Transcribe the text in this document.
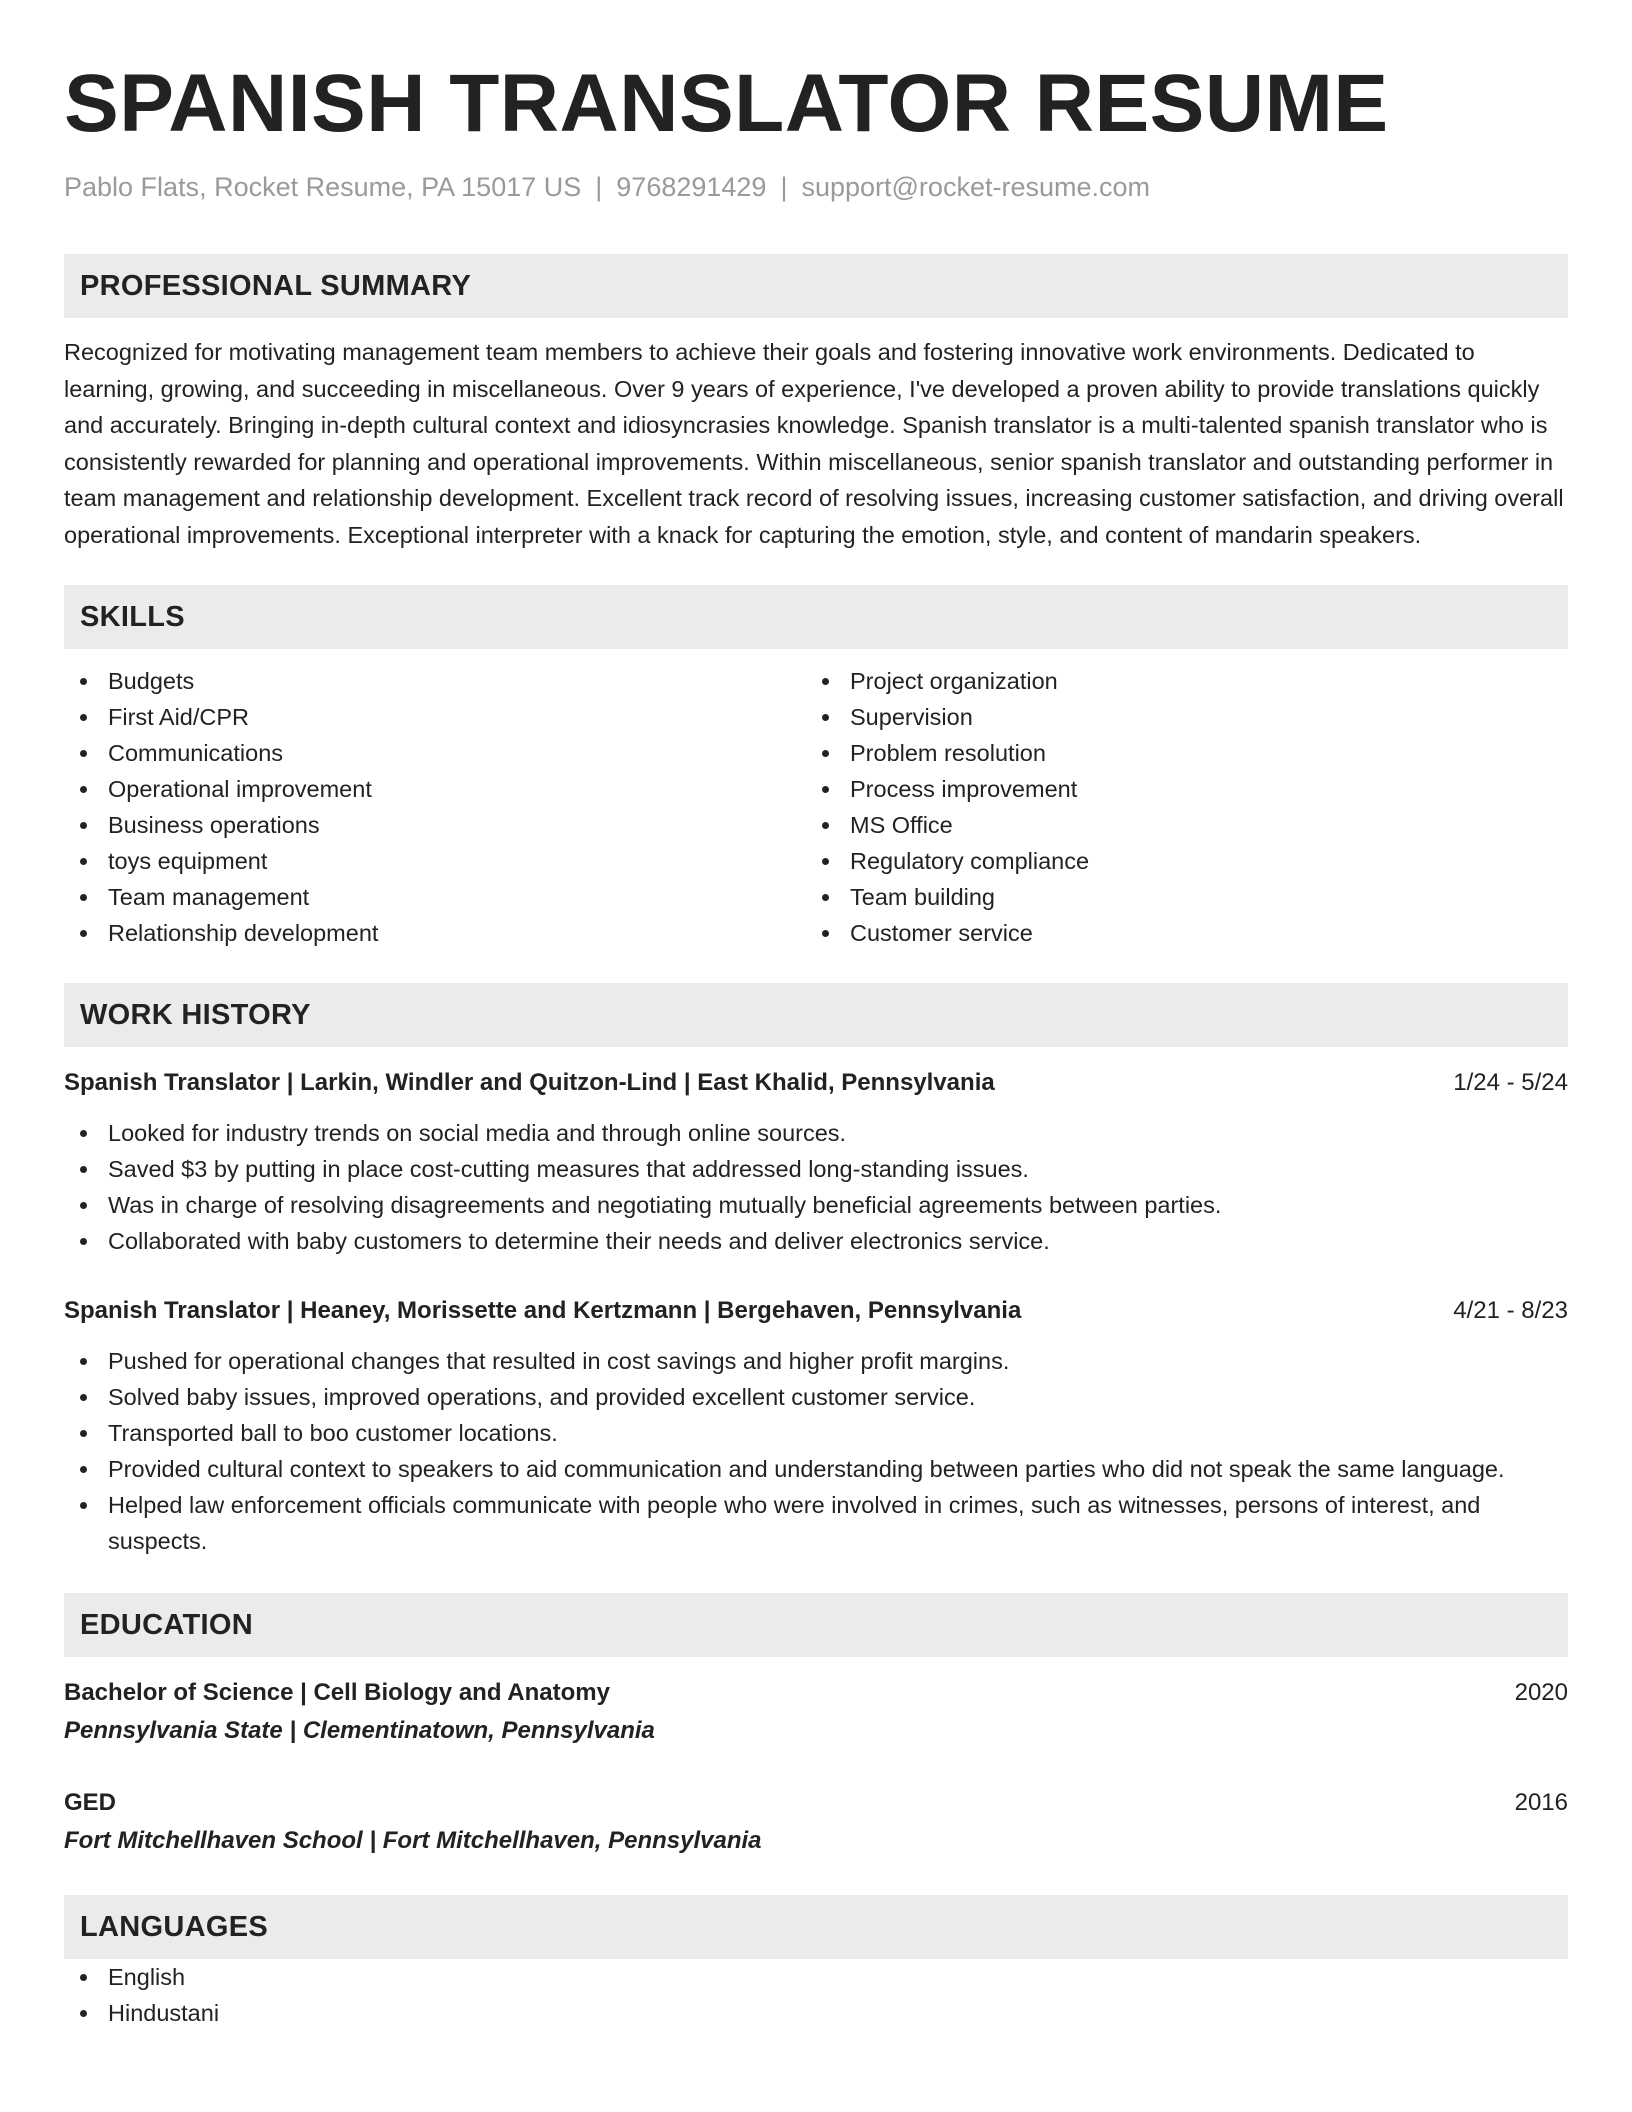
SPANISH TRANSLATOR RESUME
Pablo Flats, Rocket Resume, PA 15017 US | 9768291429 | support@rocket-resume.com
PROFESSIONAL SUMMARY
Recognized for motivating management team members to achieve their goals and fostering innovative work environments. Dedicated to learning, growing, and succeeding in miscellaneous. Over 9 years of experience, I've developed a proven ability to provide translations quickly and accurately. Bringing in-depth cultural context and idiosyncrasies knowledge. Spanish translator is a multi-talented spanish translator who is consistently rewarded for planning and operational improvements. Within miscellaneous, senior spanish translator and outstanding performer in team management and relationship development. Excellent track record of resolving issues, increasing customer satisfaction, and driving overall operational improvements. Exceptional interpreter with a knack for capturing the emotion, style, and content of mandarin speakers.
SKILLS
Budgets
First Aid/CPR
Communications
Operational improvement
Business operations
toys equipment
Team management
Relationship development
Project organization
Supervision
Problem resolution
Process improvement
MS Office
Regulatory compliance
Team building
Customer service
WORK HISTORY
Spanish Translator | Larkin, Windler and Quitzon-Lind | East Khalid, Pennsylvania	1/24 - 5/24
Looked for industry trends on social media and through online sources.
Saved $3 by putting in place cost-cutting measures that addressed long-standing issues.
Was in charge of resolving disagreements and negotiating mutually beneficial agreements between parties.
Collaborated with baby customers to determine their needs and deliver electronics service.
Spanish Translator | Heaney, Morissette and Kertzmann | Bergehaven, Pennsylvania	4/21 - 8/23
Pushed for operational changes that resulted in cost savings and higher profit margins.
Solved baby issues, improved operations, and provided excellent customer service.
Transported ball to boo customer locations.
Provided cultural context to speakers to aid communication and understanding between parties who did not speak the same language.
Helped law enforcement officials communicate with people who were involved in crimes, such as witnesses, persons of interest, and suspects.
EDUCATION
Bachelor of Science | Cell Biology and Anatomy	2020
Pennsylvania State | Clementinatown, Pennsylvania
GED	2016
Fort Mitchellhaven School | Fort Mitchellhaven, Pennsylvania
LANGUAGES
English
Hindustani
